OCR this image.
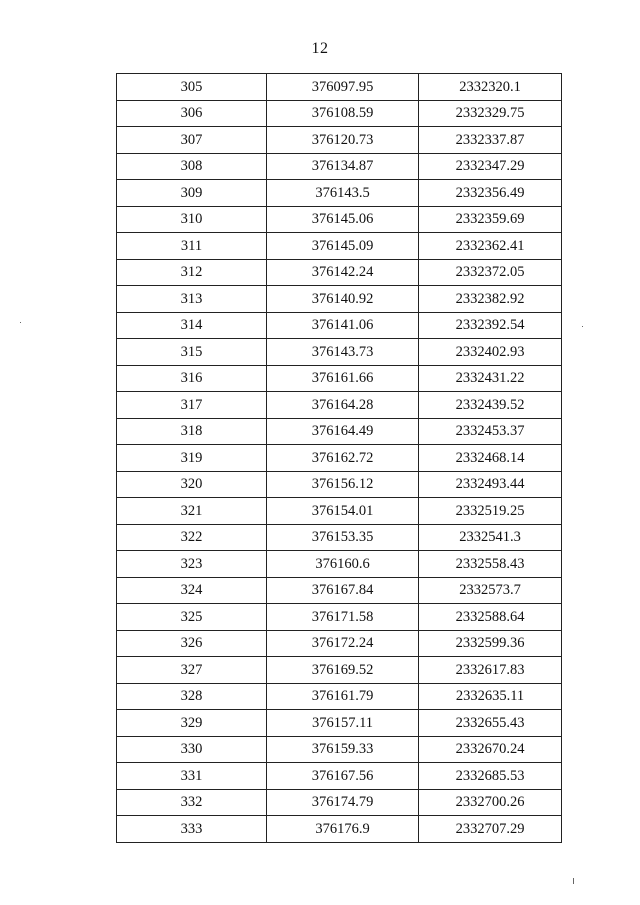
12
305	376097.95	2332320.1
306	376108.59	2332329.75
307	376120.73	2332337.87
308	376134.87	2332347.29
309	376143.5	2332356.49
310	376145.06	2332359.69
311	376145.09	2332362.41
312	376142.24	2332372.05
313	376140.92	2332382.92
314	376141.06	2332392.54
315	376143.73	2332402.93
316	376161.66	2332431.22
317	376164.28	2332439.52
318	376164.49	2332453.37
319	376162.72	2332468.14
320	376156.12	2332493.44
321	376154.01	2332519.25
322	376153.35	2332541.3
323	376160.6	2332558.43
324	376167.84	2332573.7
325	376171.58	2332588.64
326	376172.24	2332599.36
327	376169.52	2332617.83
328	376161.79	2332635.11
329	376157.11	2332655.43
330	376159.33	2332670.24
331	376167.56	2332685.53
332	376174.79	2332700.26
333	376176.9	2332707.29
